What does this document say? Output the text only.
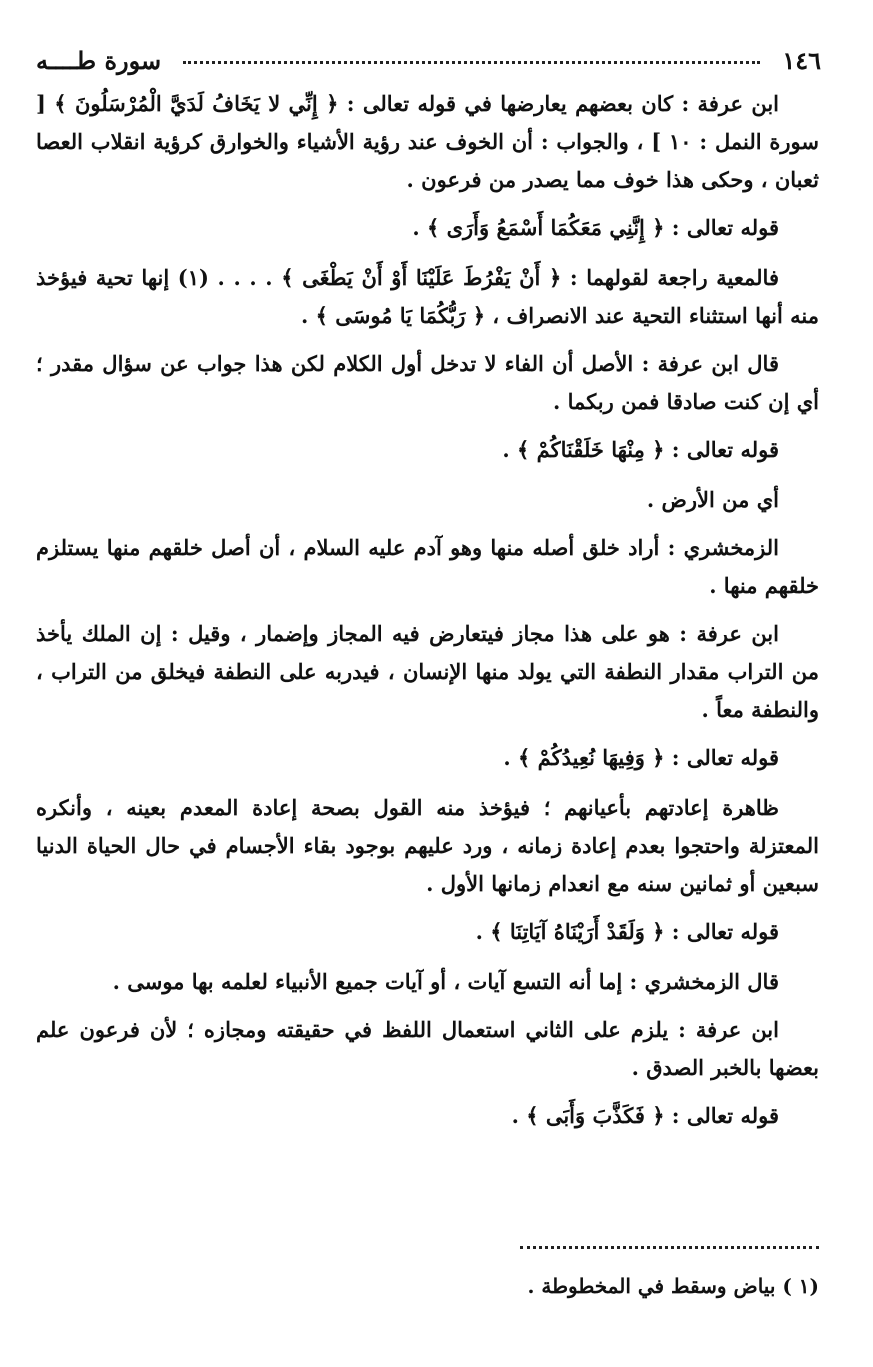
١٤٦
سورة طــــه

ابن عرفة : كان بعضهم يعارضها في قوله تعالى : ﴿ إِنِّي لا يَخَافُ لَدَيَّ الْمُرْسَلُونَ ﴾ [ سورة النمل : ١٠ ] ، والجواب : أن الخوف عند رؤية الأشياء والخوارق كرؤية انقلاب العصا ثعبان ، وحكى هذا خوف مما يصدر من فرعون .

قوله تعالى : ﴿ إِنَّنِي مَعَكُمَا أَسْمَعُ وَأَرَى ﴾ .

فالمعية راجعة لقولهما : ﴿ أَنْ يَفْرُطَ عَلَيْنَا أَوْ أَنْ يَطْغَى ﴾ . . . . (١) إنها تحية فيؤخذ منه أنها استثناء التحية عند الانصراف ، ﴿ رَبُّكُمَا يَا مُوسَى ﴾ .

قال ابن عرفة : الأصل أن الفاء لا تدخل أول الكلام لكن هذا جواب عن سؤال مقدر ؛ أي إن كنت صادقا فمن ربكما .

قوله تعالى : ﴿ مِنْهَا خَلَقْنَاكُمْ ﴾ .

أي من الأرض .

الزمخشري : أراد خلق أصله منها وهو آدم عليه السلام ، أن أصل خلقهم منها يستلزم خلقهم منها .

ابن عرفة : هو على هذا مجاز فيتعارض فيه المجاز وإضمار ، وقيل : إن الملك يأخذ من التراب مقدار النطفة التي يولد منها الإنسان ، فيدربه على النطفة فيخلق من التراب ، والنطفة معاً .

قوله تعالى : ﴿ وَفِيهَا نُعِيدُكُمْ ﴾ .

ظاهرة إعادتهم بأعيانهم ؛ فيؤخذ منه القول بصحة إعادة المعدم بعينه ، وأنكره المعتزلة واحتجوا بعدم إعادة زمانه ، ورد عليهم بوجود بقاء الأجسام في حال الحياة الدنيا سبعين أو ثمانين سنه مع انعدام زمانها الأول .

قوله تعالى : ﴿ وَلَقَدْ أَرَيْنَاهُ آيَاتِنَا ﴾ .

قال الزمخشري : إما أنه التسع آيات ، أو آيات جميع الأنبياء لعلمه بها موسى .

ابن عرفة : يلزم على الثاني استعمال اللفظ في حقيقته ومجازه ؛ لأن فرعون علم بعضها بالخبر الصدق .

قوله تعالى : ﴿ فَكَذَّبَ وَأَبَى ﴾ .

(١ ) بياض وسقط في المخطوطة .
